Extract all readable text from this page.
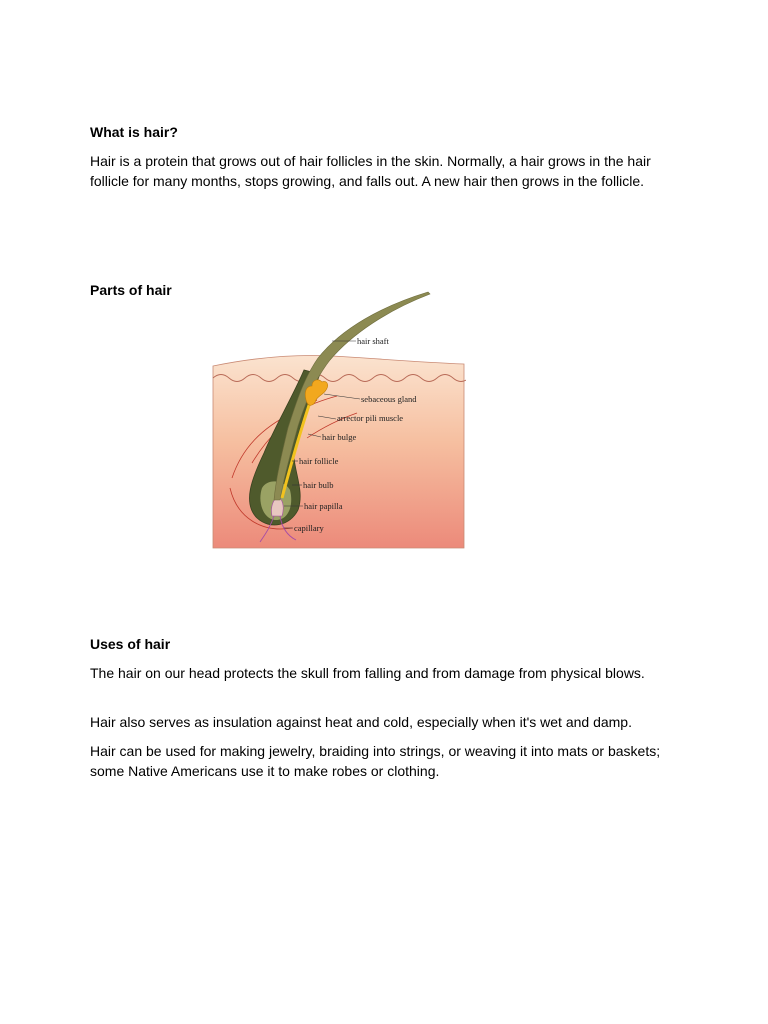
What is hair?

Hair is a protein that grows out of hair follicles in the skin. Normally, a hair grows in the hair follicle for many months, stops growing, and falls out. A new hair then grows in the follicle.

Parts of hair
hair shaft
sebaceous gland
arrector pili muscle
hair bulge
hair follicle
hair bulb
hair papilla
capillary
Uses of hair

The hair on our head protects the skull from falling and from damage from physical blows.

Hair also serves as insulation against heat and cold, especially when it's wet and damp.

Hair can be used for making jewelry, braiding into strings, or weaving it into mats or baskets; some Native Americans use it to make robes or clothing.
